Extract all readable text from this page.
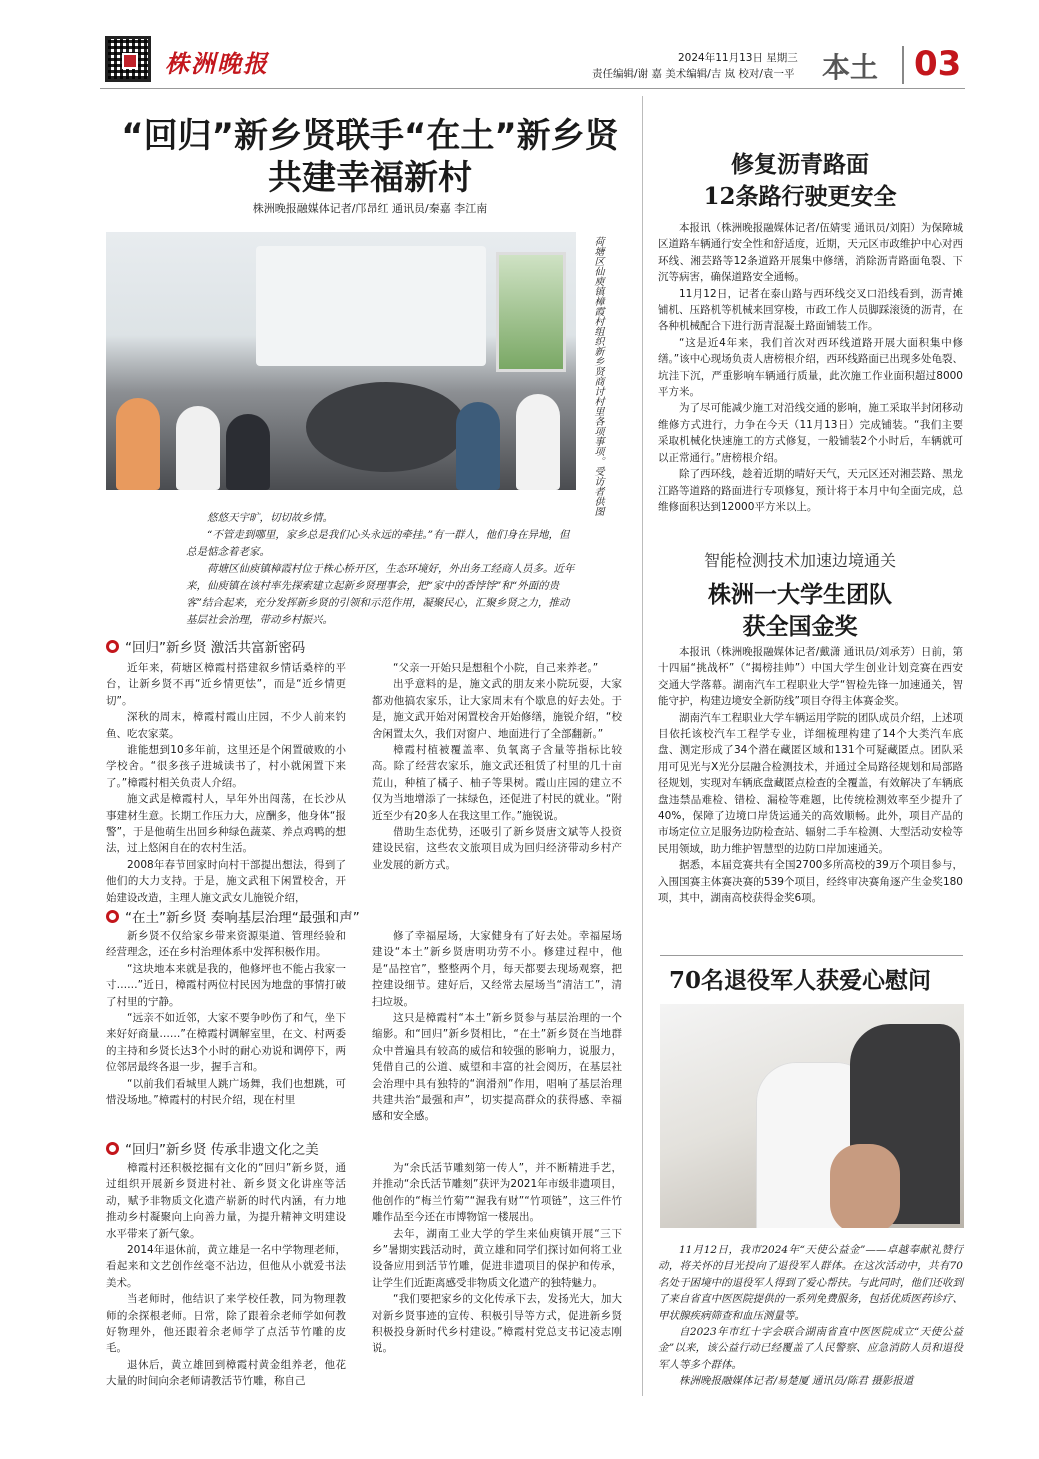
株洲晚报	2024年11月13日 星期三
责任编辑/谢 嘉 美术编辑/吉 岚 校对/袁一平 本土 03
“回归”新乡贤联手“在土”新乡贤
共建幸福新村
株洲晚报融媒体记者/邝昂红 通讯员/秦嘉 李江南
荷塘区仙庾镇樟霞村组织新乡贤商讨村里各项事项。受访者供图

悠悠天宇旷，切切故乡情。

“不管走到哪里，家乡总是我们心头永远的牵挂。”有一群人，他们身在异地，但总是惦念着老家。

荷塘区仙庾镇樟霞村位于株心桥开区，生态环境好，外出务工经商人员多。近年来，仙庾镇在该村率先探索建立起新乡贤理事会，把“家中的香饽饽”和“外面的贵客”结合起来，充分发挥新乡贤的引领和示范作用，凝聚民心，汇聚乡贤之力，推动基层社会治理，带动乡村振兴。

“回归”新乡贤 激活共富新密码

近年来，荷塘区樟霞村搭建叙乡情话桑梓的平台，让新乡贤不再“近乡情更怯”，而是“近乡情更切”。

深秋的周末，樟霞村霞山庄园，不少人前来钓鱼、吃农家菜。

谁能想到10多年前，这里还是个闲置破败的小学校舍。“很多孩子进城读书了，村小就闲置下来了。”樟霞村相关负责人介绍。

施文武是樟霞村人，早年外出闯荡，在长沙从事建材生意。长期工作压力大，应酬多，他身体“报警”，于是他萌生出回乡种绿色蔬菜、养点鸡鸭的想法，过上悠闲自在的农村生活。

2008年春节回家时向村干部提出想法，得到了他们的大力支持。于是，施文武租下闲置校舍，开始建设改造，主理人施文武女儿施锐介绍，

“父亲一开始只是想租个小院，自己来养老。”

出乎意料的是，施文武的朋友来小院玩耍，大家都劝他搞农家乐，让大家周末有个歇息的好去处。于是，施文武开始对闲置校舍开始修缮，施锐介绍，“校舍闲置太久，我们对窗户、地面进行了全部翻新。”

樟霞村植被覆盖率、负氧离子含量等指标比较高。除了经营农家乐，施文武还租赁了村里的几十亩荒山，种植了橘子、柚子等果树。霞山庄园的建立不仅为当地增添了一抹绿色，还促进了村民的就业。“附近至少有20多人在我这里工作。”施锐说。

借助生态优势，还吸引了新乡贤唐文斌等人投资建设民宿，这些农文旅项目成为回归经济带动乡村产业发展的新方式。

“在土”新乡贤 奏响基层治理“最强和声”

新乡贤不仅给家乡带来资源渠道、管理经验和经营理念，还在乡村治理体系中发挥积极作用。

“这块地本来就是我的，他修坪也不能占我家一寸……”近日，樟霞村两位村民因为地盘的事情打破了村里的宁静。

“远亲不如近邻，大家不要争吵伤了和气，坐下来好好商量……”在樟霞村调解室里，在文、村两委的主持和乡贤长达3个小时的耐心劝说和调停下，两位邻居最终各退一步，握手言和。

“以前我们看城里人跳广场舞，我们也想跳，可惜没场地。”樟霞村的村民介绍，现在村里

修了幸福屋场，大家健身有了好去处。幸福屋场建设“本土”新乡贤唐明功劳不小。修建过程中，他是“品控官”，整整两个月，每天都要去现场观察，把控建设细节。建好后，又经常去屋场当“清洁工”，清扫垃圾。

这只是樟霞村“本土”新乡贤参与基层治理的一个缩影。和“回归”新乡贤相比，“在土”新乡贤在当地群众中普遍具有较高的威信和较强的影响力，说服力，凭借自己的公道、威望和丰富的社会阅历，在基层社会治理中具有独特的“润滑剂”作用，唱响了基层治理共建共治“最强和声”，切实提高群众的获得感、幸福感和安全感。

“回归”新乡贤 传承非遗文化之美

樟霞村还积极挖掘有文化的“回归”新乡贤，通过组织开展新乡贤进村社、新乡贤文化讲座等活动，赋予非物质文化遗产崭新的时代内涵，有力地推动乡村凝聚向上向善力量，为提升精神文明建设水平带来了新气象。

2014年退休前，黄立雄是一名中学物理老师，看起来和文艺创作丝毫不沾边，但他从小就爱书法美术。

当老师时，他结识了来学校任教，同为物理教师的余探根老师。日常，除了跟着余老师学如何教好物理外，他还跟着余老师学了点活节竹雕的皮毛。

退休后，黄立雄回到樟霞村黄金组养老，他花大量的时间向余老师请教活节竹雕，称自己

为“余氏活节雕刻第一传人”，并不断精进手艺，并推动“余氏活节雕刻”获评为2021年市级非遗项目，他创作的“梅兰竹菊”“渥我有财”“竹项链”，这三件竹雕作品至今还在市博物馆一楼展出。

去年，湖南工业大学的学生来仙庾镇开展“三下乡”暑期实践活动时，黄立雄和同学们探讨如何将工业设备应用到活节竹雕，促进非遗项目的保护和传承，让学生们近距离感受非物质文化遗产的独特魅力。

“我们要把家乡的文化传承下去，发扬光大，加大对新乡贤事迹的宣传、积极引导等方式，促进新乡贤积极投身新时代乡村建设。”樟霞村党总支书记凌志刚说。

修复沥青路面
12条路行驶更安全

本报讯（株洲晚报融媒体记者/伍婧雯 通讯员/刘阳）为保障城区道路车辆通行安全性和舒适度，近期，天元区市政维护中心对西环线、湘芸路等12条道路开展集中修缮，消除沥青路面龟裂、下沉等病害，确保道路安全通畅。

11月12日，记者在泰山路与西环线交叉口沿线看到，沥青摊铺机、压路机等机械来回穿梭，市政工作人员脚踩滚烫的沥青，在各种机械配合下进行沥青混凝土路面铺装工作。

“这是近4年来，我们首次对西环线道路开展大面积集中修缮。”该中心现场负责人唐榜根介绍，西环线路面已出现多处龟裂、坑洼下沉，严重影响车辆通行质量，此次施工作业面积超过8000平方米。

为了尽可能减少施工对沿线交通的影响，施工采取半封闭移动维修方式进行，力争在今天（11月13日）完成铺装。“我们主要采取机械化快速施工的方式修复，一般铺装2个小时后，车辆就可以正常通行。”唐榜根介绍。

除了西环线，趁着近期的晴好天气，天元区还对湘芸路、黑龙江路等道路的路面进行专项修复，预计将于本月中旬全面完成，总维修面积达到12000平方米以上。

智能检测技术加速边境通关
株洲一大学生团队
获全国金奖

本报讯（株洲晚报融媒体记者/戴潇 通讯员/刘承芳）日前，第十四届“挑战杯”（“揭榜挂帅”）中国大学生创业计划竞赛在西安交通大学落幕。湖南汽车工程职业大学“智检先锋一加速通关，智能守护，构建边境安全新防线”项目夺得主体赛金奖。

湖南汽车工程职业大学车辆运用学院的团队成员介绍，上述项目依托该校汽车工程学专业，详细梳理构建了14个大类汽车底盘、测定形成了34个潜在藏匿区域和131个可疑藏匿点。团队采用可见光与X光分层融合检测技术，并通过全局路径规划和局部路径规划，实现对车辆底盘藏匿点检查的全覆盖，有效解决了车辆底盘违禁品难检、错检、漏检等难题，比传统检测效率至少提升了40%，保障了边境口岸货运通关的高效顺畅。此外，项目产品的市场定位立足服务边防检查站、辐射二手车检测、大型活动安检等民用领域，助力维护智慧型的边防口岸加速通关。

据悉，本届竞赛共有全国2700多所高校的39万个项目参与，入围国赛主体赛决赛的539个项目，经终审决赛角逐产生金奖180项，其中，湖南高校获得金奖6项。

70名退役军人获爱心慰问

11月12日，我市2024年“天使公益金”——卓越奉献礼赞行动，将关怀的目光投向了退役军人群体。在这次活动中，共有70名处于困境中的退役军人得到了爱心帮扶。与此同时，他们还收到了来自省直中医医院提供的一系列免费服务，包括优质医药诊疗、甲状腺疾病筛查和血压测量等。

自2023年市红十字会联合湖南省直中医医院成立“天使公益金”以来，该公益行动已经覆盖了人民警察、应急消防人员和退役军人等多个群体。

株洲晚报融媒体记者/易楚厦 通讯员/陈君 摄影报道
